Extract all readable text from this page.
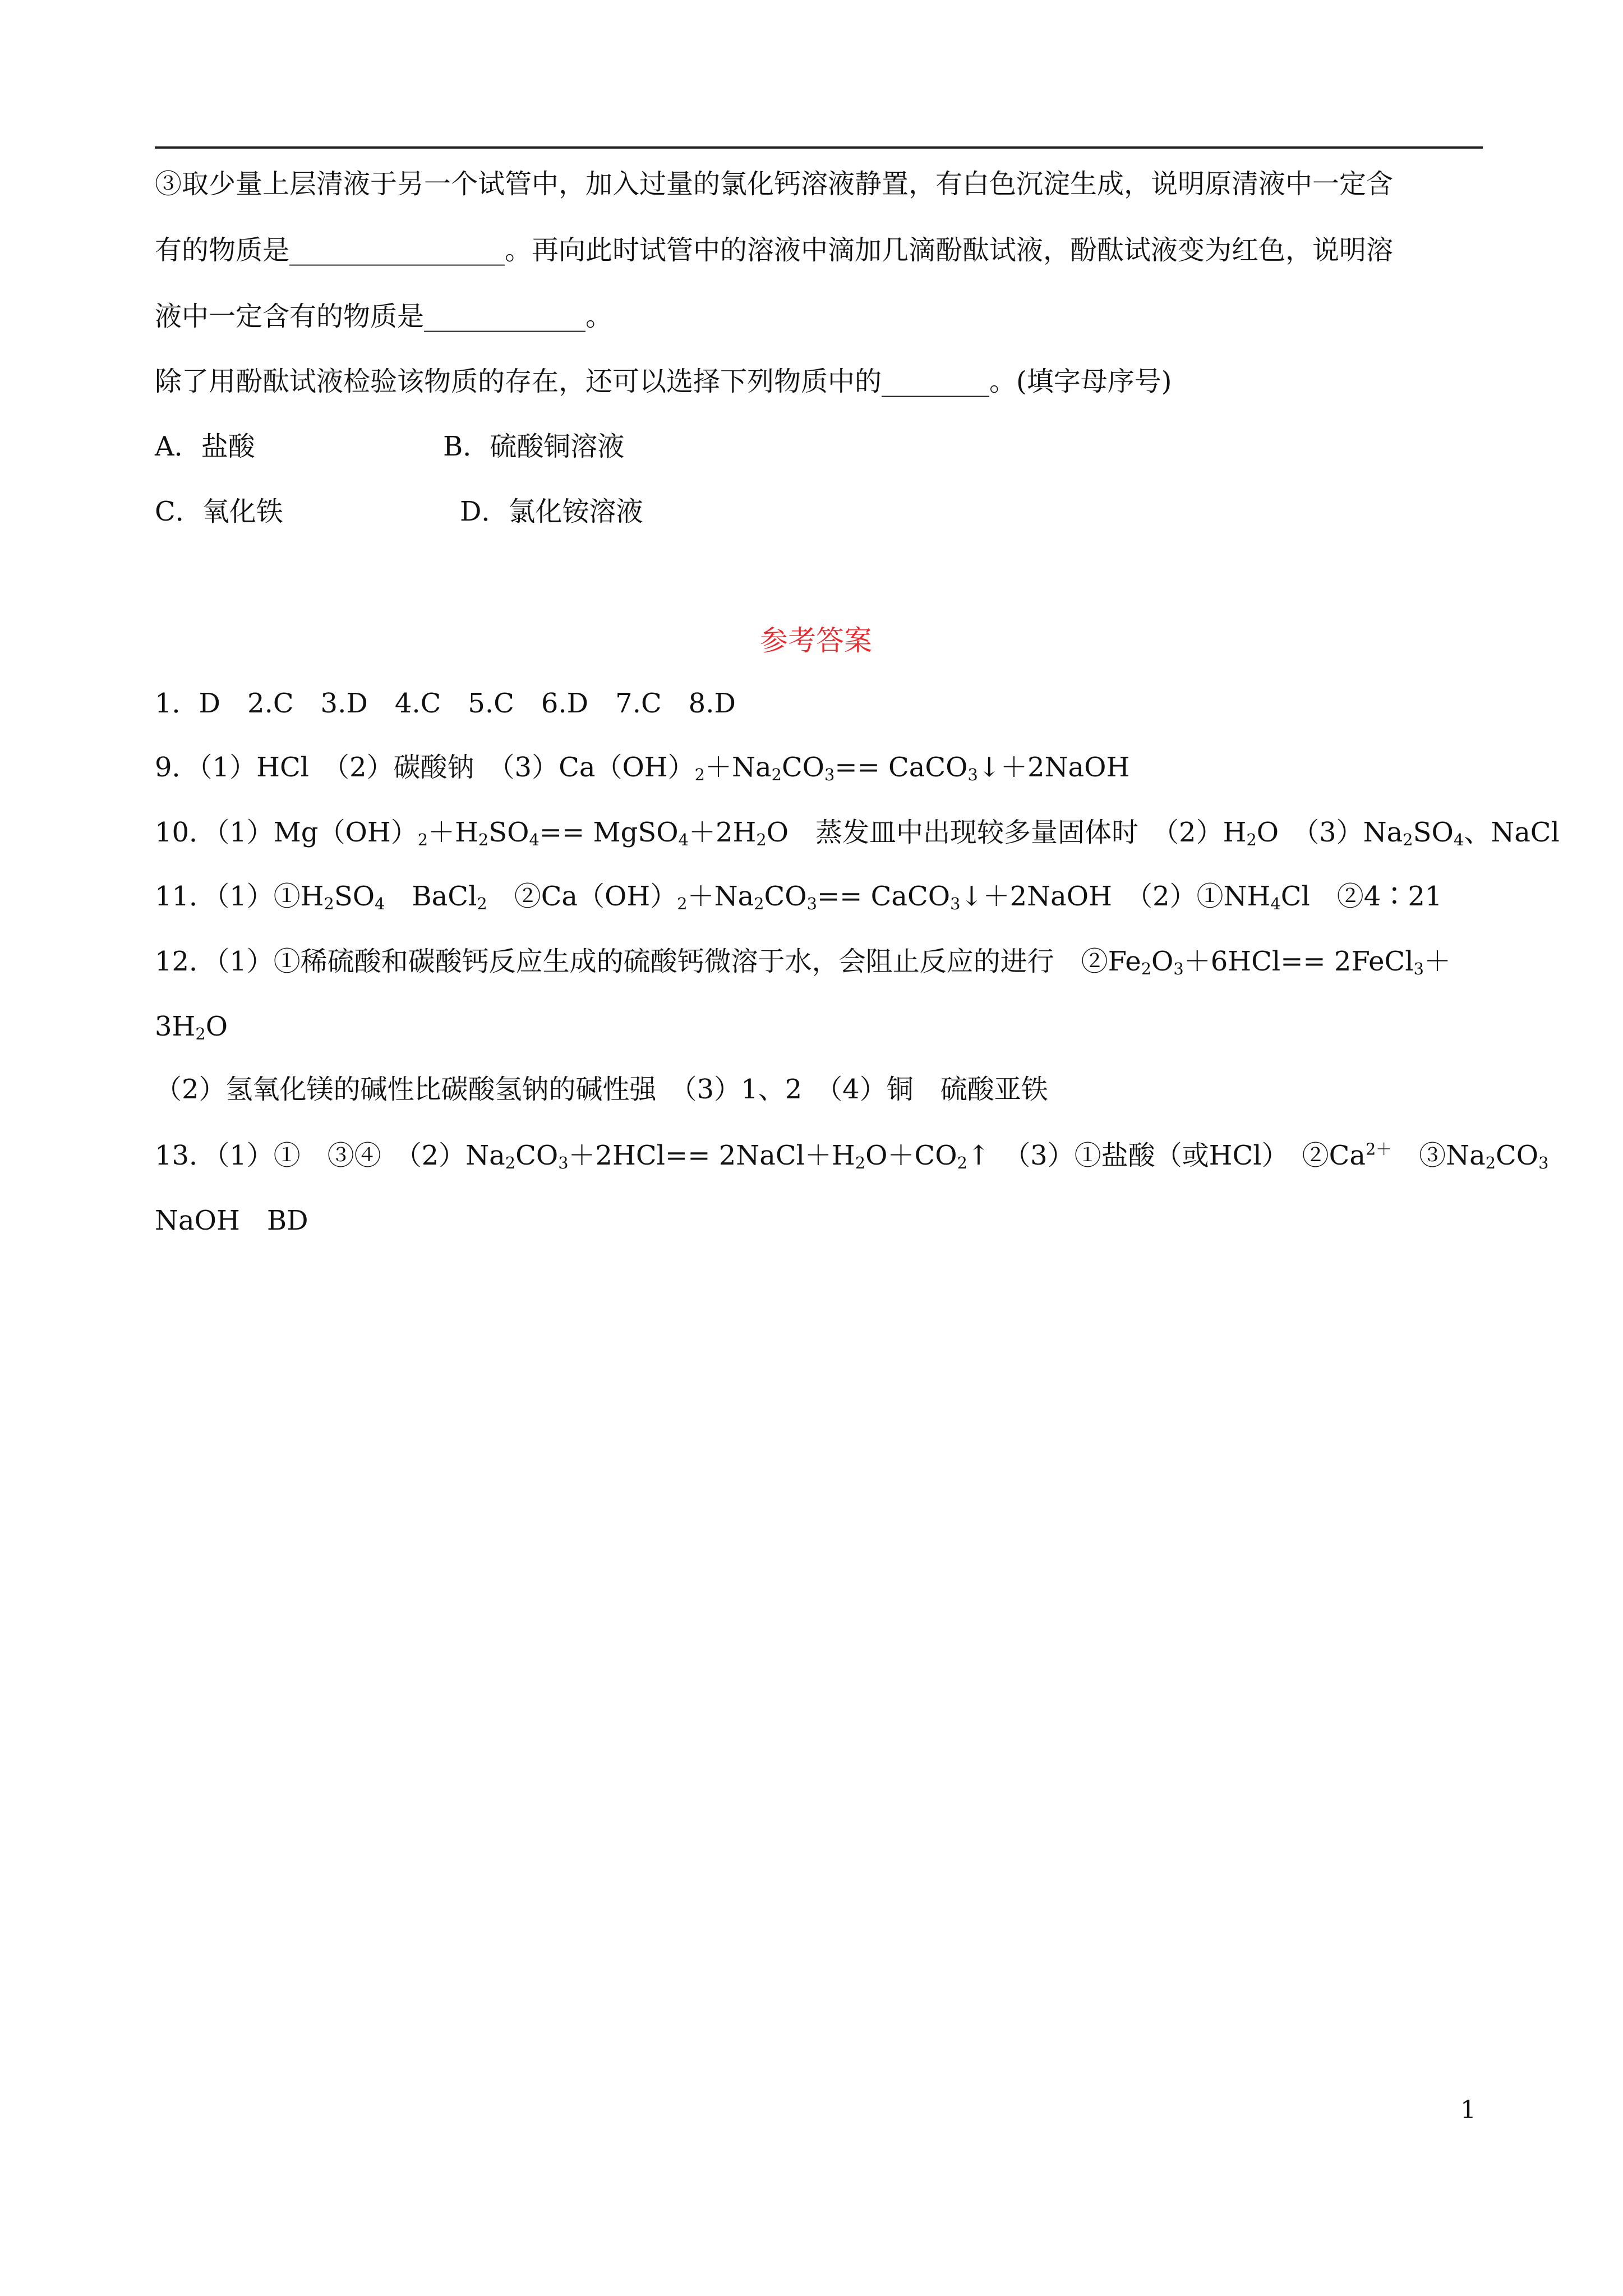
③取少量上层清液于另一个试管中，加入过量的氯化钙溶液静置，有白色沉淀生成，说明原清液中一定含
有的物质是________________。再向此时试管中的溶液中滴加几滴酚酞试液，酚酞试液变为红色，说明溶
液中一定含有的物质是____________。
除了用酚酞试液检验该物质的存在，还可以选择下列物质中的________。(填字母序号)
A．盐酸	B．硫酸铜溶液
C．氧化铁	D．氯化铵溶液
参考答案
1．D　2.C　3.D　4.C　5.C　6.D　7.C　8.D
9．（1）HCl　（2）碳酸钠　$(3)Ca(OH)_2+Na_2CO_3==$ CaCO$_3$↓＋2NaOH
10．$(1)Mg(OH)_2+H_2SO_4==$ $MgSO_4+2H_2O$　蒸发皿中出现较多量固体时　$(2)H_2O$　$(3)Na_2SO_4$、NaCl
11．$(1)①H_2SO_4$　BaCl$_2$　$②Ca(OH)_2+Na_2CO_3==$ CaCO$_3$↓＋2NaOH　$(2)①NH_4Cl$　②4∶21
12．（1）①稀硫酸和碳酸钙反应生成的硫酸钙微溶于水，会阻止反应的进行　$②Fe_2O_3+6HCl==$ 2FeCl$_3$＋
$3H_2O$
（2）氢氧化镁的碱性比碳酸氢钠的碱性强　（3）1、2　（4）铜　硫酸亚铁
13．（1）①　③④　$(2)Na_2CO_3+2HCl==$ $2NaCl+H_2O+CO_2↑$　（3）①盐酸（或HCl）　$②Ca^{2+}$　$③Na_2CO_3$
NaOH　BD
1
